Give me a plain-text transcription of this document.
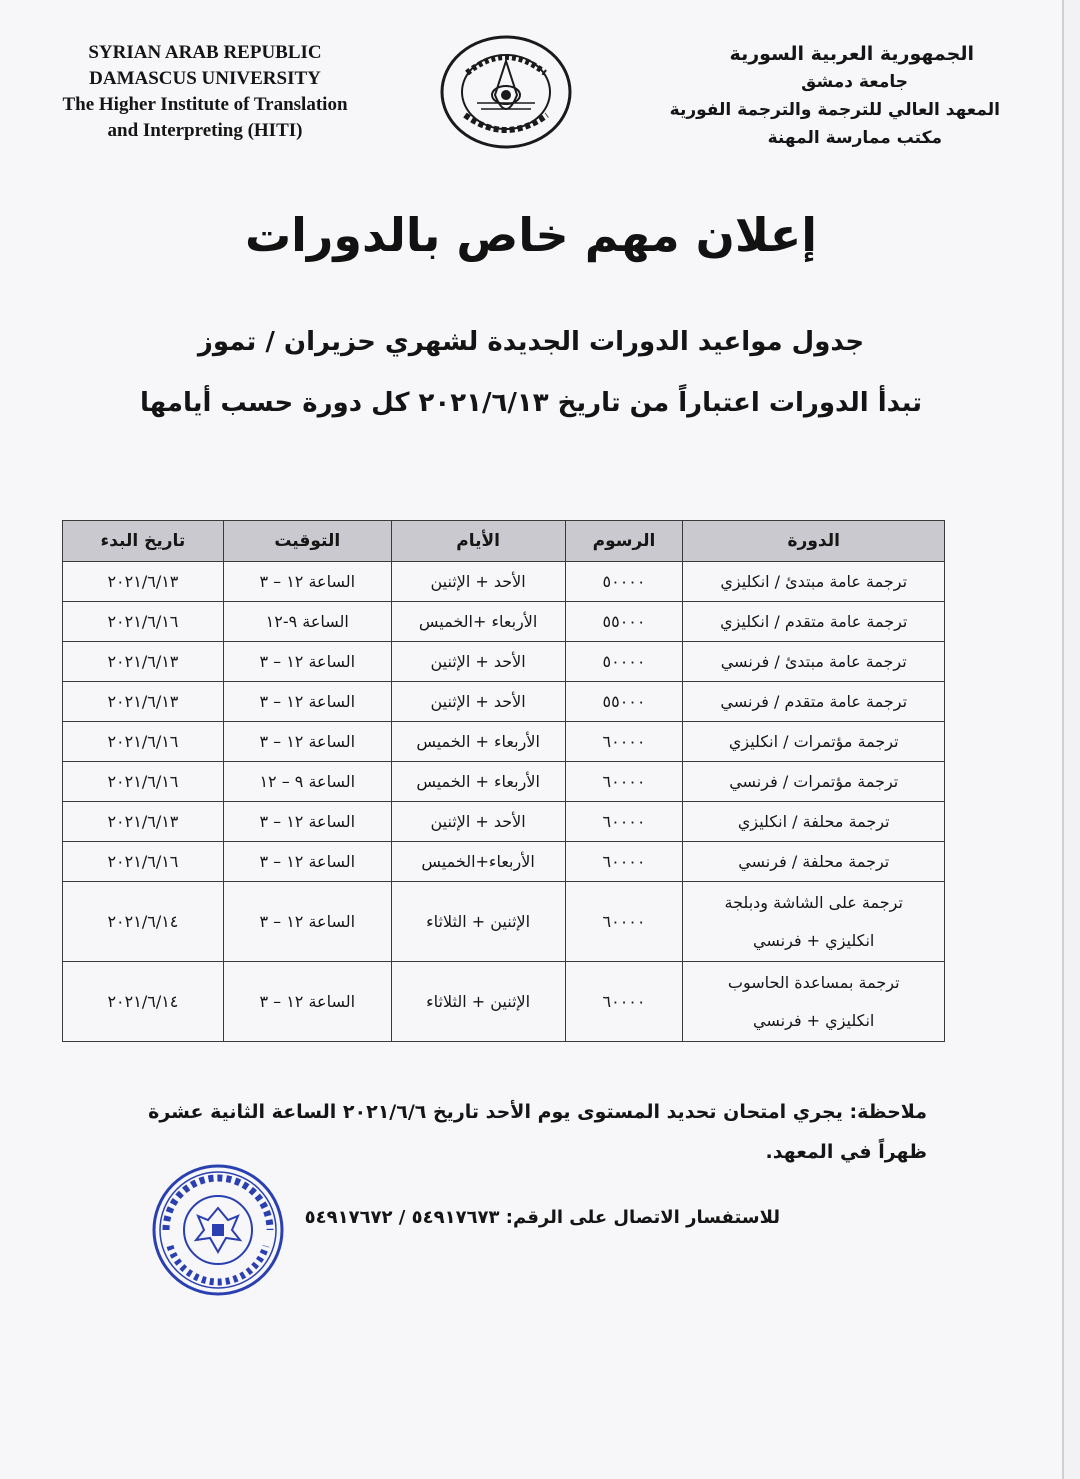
SYRIAN ARAB REPUBLIC
DAMASCUS UNIVERSITY
The Higher Institute of Translation
and Interpreting (HITI)
الجمهورية العربية السورية
جامعة دمشق
المعهد العالي للترجمة والترجمة الفورية
مكتب ممارسة المهنة
إعلان مهم خاص بالدورات
جدول مواعيد الدورات الجديدة لشهري حزيران / تموز
تبدأ الدورات اعتباراً من تاريخ ٢٠٢١/٦/١٣ كل دورة حسب أيامها
الدورة	الرسوم	الأيام	التوقيت	تاريخ البدء
ترجمة عامة مبتدئ / انكليزي	٥٠٠٠٠	الأحد + الإثنين	الساعة ١٢ – ٣	٢٠٢١/٦/١٣
ترجمة عامة متقدم / انكليزي	٥٥٠٠٠	الأربعاء +الخميس	الساعة ٩-١٢	٢٠٢١/٦/١٦
ترجمة عامة مبتدئ / فرنسي	٥٠٠٠٠	الأحد + الإثنين	الساعة ١٢ – ٣	٢٠٢١/٦/١٣
ترجمة عامة متقدم / فرنسي	٥٥٠٠٠	الأحد + الإثنين	الساعة ١٢ – ٣	٢٠٢١/٦/١٣
ترجمة مؤتمرات / انكليزي	٦٠٠٠٠	الأربعاء + الخميس	الساعة ١٢ – ٣	٢٠٢١/٦/١٦
ترجمة مؤتمرات / فرنسي	٦٠٠٠٠	الأربعاء + الخميس	الساعة ٩ – ١٢	٢٠٢١/٦/١٦
ترجمة محلفة / انكليزي	٦٠٠٠٠	الأحد + الإثنين	الساعة ١٢ – ٣	٢٠٢١/٦/١٣
ترجمة محلفة / فرنسي	٦٠٠٠٠	الأربعاء+الخميس	الساعة ١٢ – ٣	٢٠٢١/٦/١٦

ترجمة على الشاشة ودبلجة
انكليزي + فرنسي	٦٠٠٠٠	الإثنين + الثلاثاء	الساعة ١٢ – ٣	٢٠٢١/٦/١٤

ترجمة بمساعدة الحاسوب
انكليزي + فرنسي	٦٠٠٠٠	الإثنين + الثلاثاء	الساعة ١٢ – ٣	٢٠٢١/٦/١٤
ملاحظة: يجري امتحان تحديد المستوى يوم الأحد تاريخ ٢٠٢١/٦/٦ الساعة الثانية عشرة ظهراً في المعهد.
للاستفسار الاتصال على الرقم: ٥٤٩١٧٦٧٣ / ٥٤٩١٧٦٧٢
